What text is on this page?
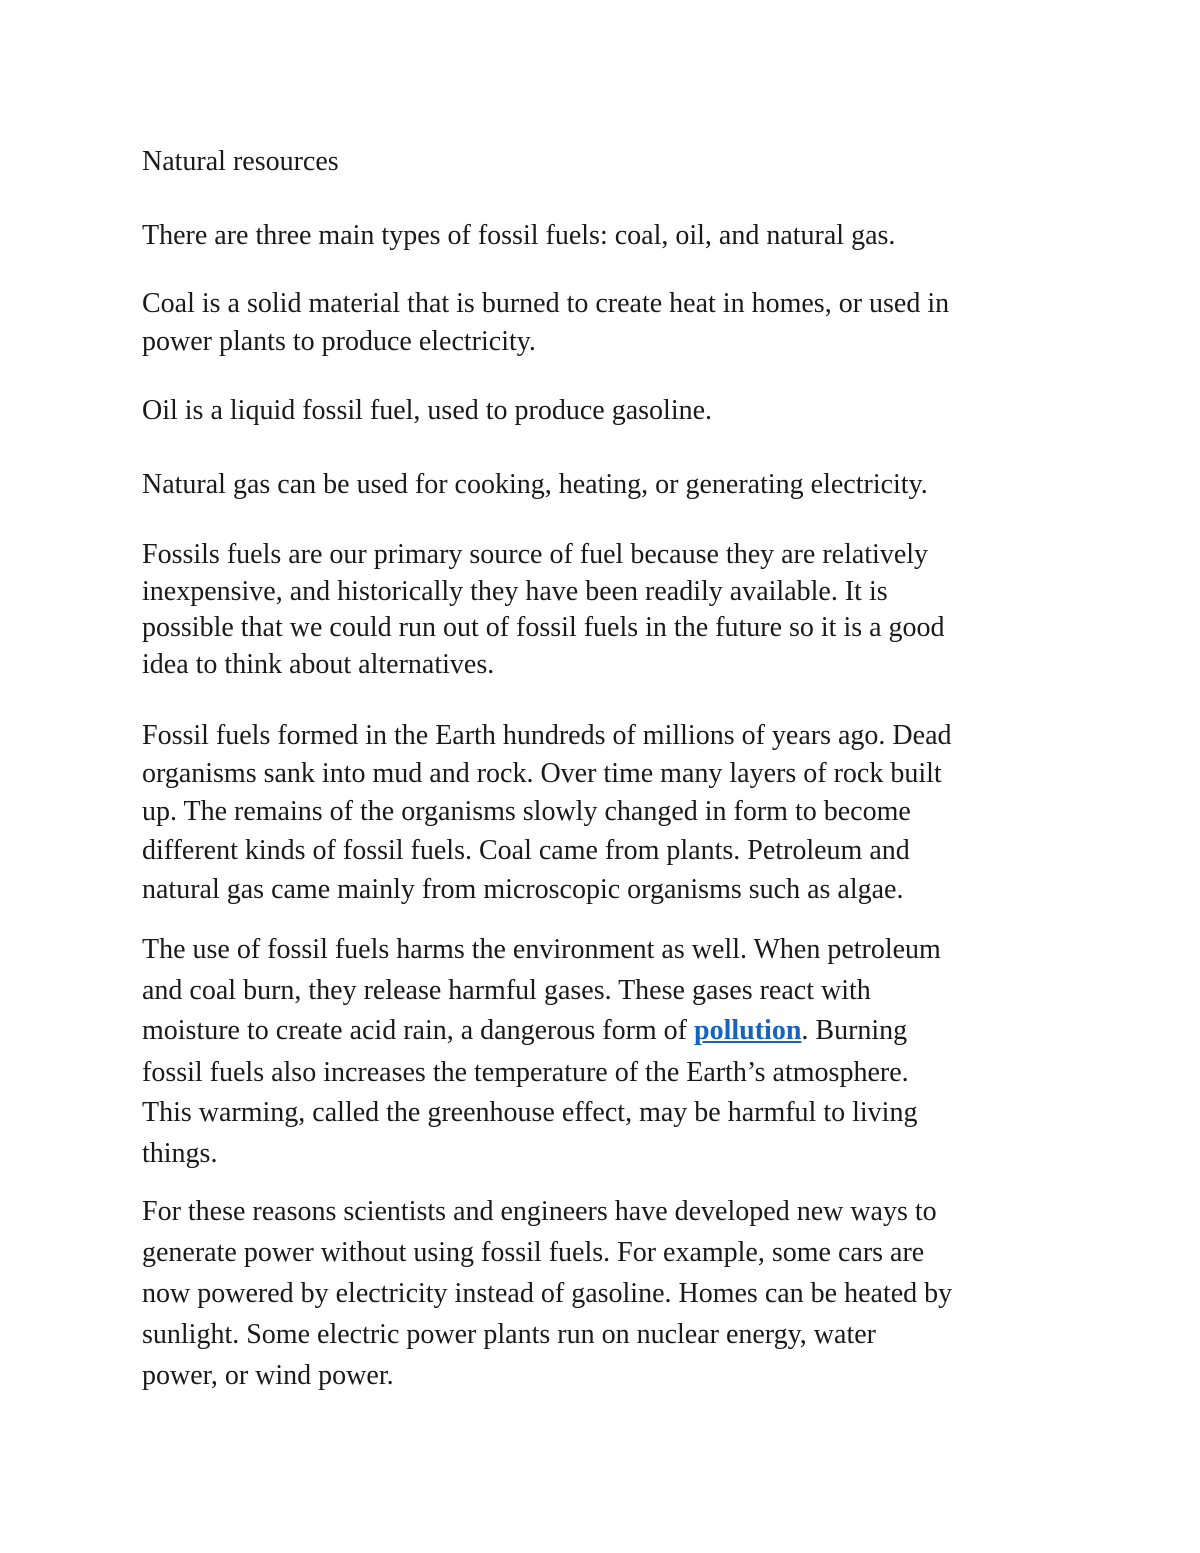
Natural resources
There are three main types of fossil fuels: coal, oil, and natural gas.
Coal is a solid material that is burned to create heat in homes, or used in
power plants to produce electricity.
Oil is a liquid fossil fuel, used to produce gasoline.
Natural gas can be used for cooking, heating, or generating electricity.
Fossils fuels are our primary source of fuel because they are relatively
inexpensive, and historically they have been readily available. It is
possible that we could run out of fossil fuels in the future so it is a good
idea to think about alternatives.
Fossil fuels formed in the Earth hundreds of millions of years ago. Dead
organisms sank into mud and rock. Over time many layers of rock built
up. The remains of the organisms slowly changed in form to become
different kinds of fossil fuels. Coal came from plants. Petroleum and
natural gas came mainly from microscopic organisms such as algae.
The use of fossil fuels harms the environment as well. When petroleum
and coal burn, they release harmful gases. These gases react with
moisture to create acid rain, a dangerous form of pollution. Burning
fossil fuels also increases the temperature of the Earth’s atmosphere.
This warming, called the greenhouse effect, may be harmful to living
things.
For these reasons scientists and engineers have developed new ways to
generate power without using fossil fuels. For example, some cars are
now powered by electricity instead of gasoline. Homes can be heated by
sunlight. Some electric power plants run on nuclear energy, water
power, or wind power.
